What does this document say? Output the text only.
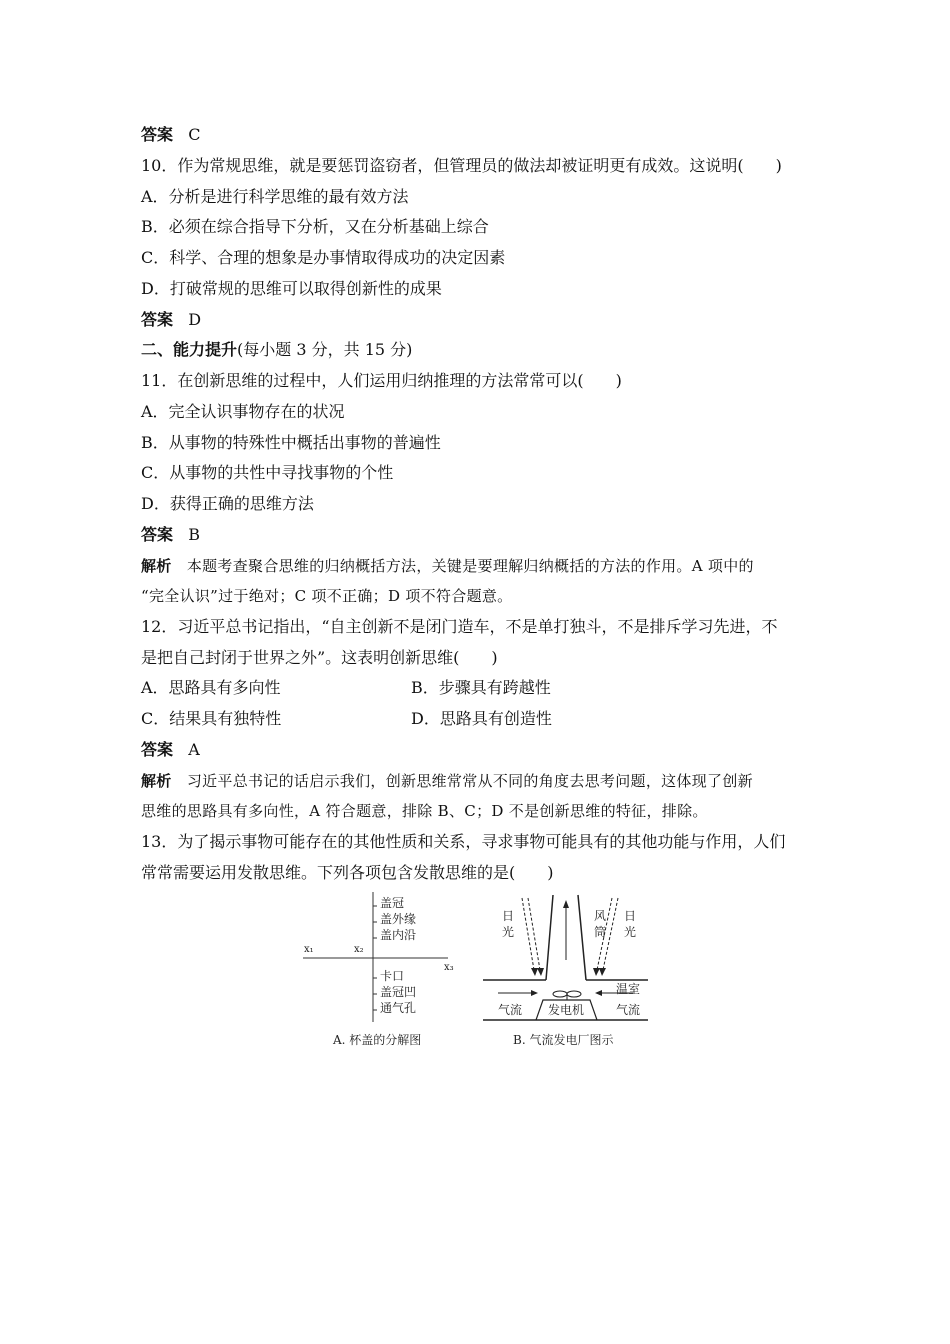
答案 C
10．作为常规思维，就是要惩罚盗窃者，但管理员的做法却被证明更有成效。这说明(　　)
A．分析是进行科学思维的最有效方法
B．必须在综合指导下分析，又在分析基础上综合
C．科学、合理的想象是办事情取得成功的决定因素
D．打破常规的思维可以取得创新性的成果
答案 D
二、能力提升(每小题 3 分，共 15 分)
11．在创新思维的过程中，人们运用归纳推理的方法常常可以(　　)
A．完全认识事物存在的状况
B．从事物的特殊性中概括出事物的普遍性
C．从事物的共性中寻找事物的个性
D．获得正确的思维方法
答案 B
解析 本题考查聚合思维的归纳概括方法，关键是要理解归纳概括的方法的作用。A 项中的
“完全认识”过于绝对；C 项不正确；D 项不符合题意。
12．习近平总书记指出，“自主创新不是闭门造车，不是单打独斗，不是排斥学习先进，不
是把自己封闭于世界之外”。这表明创新思维(　　)
A．思路具有多向性	B．步骤具有跨越性
C．结果具有独特性	D．思路具有创造性
答案 A
解析 习近平总书记的话启示我们，创新思维常常从不同的角度去思考问题，这体现了创新
思维的思路具有多向性，A 符合题意，排除 B、C；D 不是创新思维的特征，排除。
13．为了揭示事物可能存在的其他性质和关系，寻求事物可能具有的其他功能与作用，人们
常常需要运用发散思维。下列各项包含发散思维的是(　　)
盖冠
盖外缘
盖内沿
卡口
盖冠凹
通气孔
x₁	x₂
x₃
A. 杯盖的分解图
日
光
风
筒
日
光
温室
气流 发电机	气流
B. 气流发电厂图示
